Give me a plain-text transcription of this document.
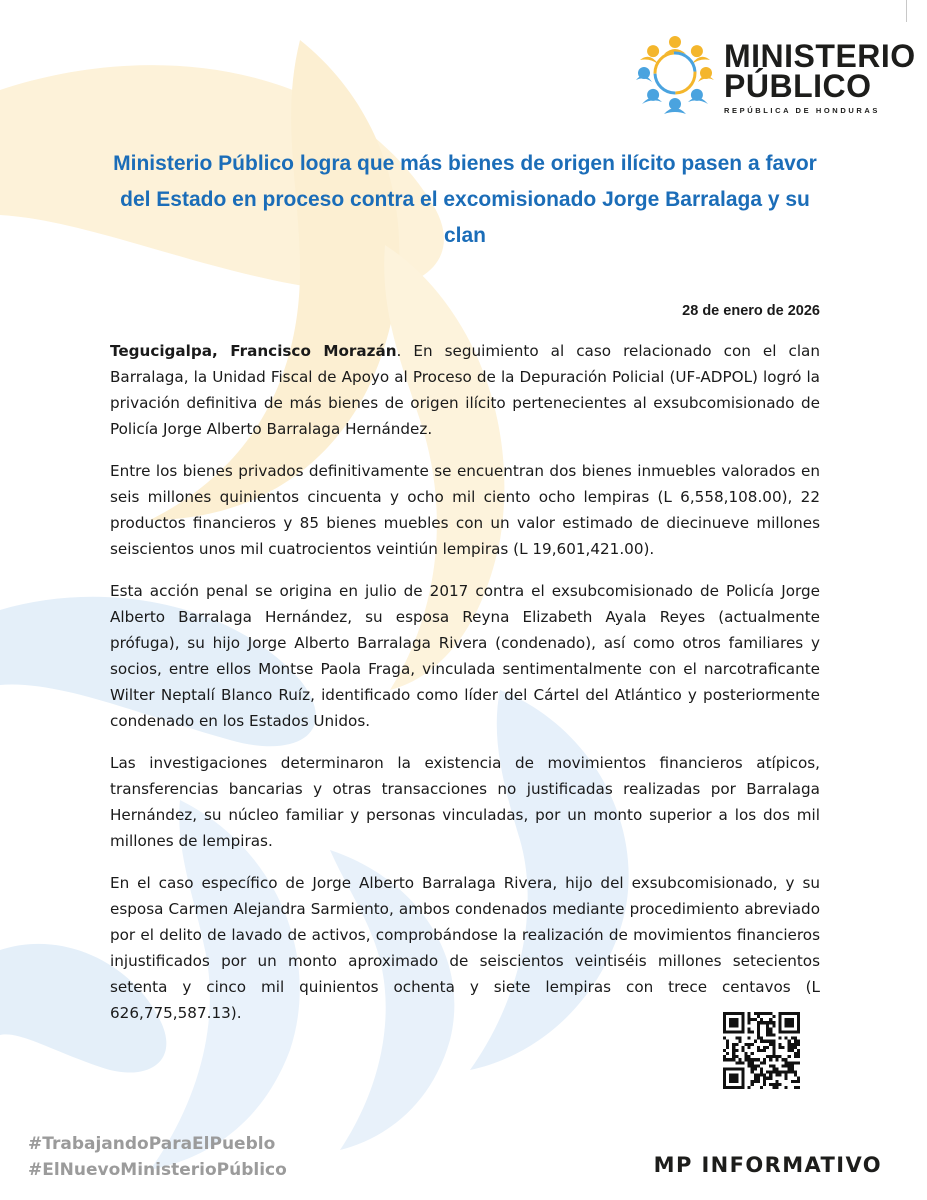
MINISTERIO
PÚBLICO
REPÚBLICA DE HONDURAS
Ministerio Público logra que más bienes de origen ilícito pasen a favor del Estado en proceso contra el excomisionado Jorge Barralaga y su clan
28 de enero de 2026

Tegucigalpa, Francisco Morazán. En seguimiento al caso relacionado con el clan Barralaga, la Unidad Fiscal de Apoyo al Proceso de la Depuración Policial (UF-ADPOL) logró la privación definitiva de más bienes de origen ilícito pertenecientes al exsubcomisionado de Policía Jorge Alberto Barralaga Hernández.

Entre los bienes privados definitivamente se encuentran dos bienes inmuebles valorados en seis millones quinientos cincuenta y ocho mil ciento ocho lempiras (L 6,558,108.00), 22 productos financieros y 85 bienes muebles con un valor estimado de diecinueve millones seiscientos unos mil cuatrocientos veintiún lempiras (L 19,601,421.00).

Esta acción penal se origina en julio de 2017 contra el exsubcomisionado de Policía Jorge Alberto Barralaga Hernández, su esposa Reyna Elizabeth Ayala Reyes (actualmente prófuga), su hijo Jorge Alberto Barralaga Rivera (condenado), así como otros familiares y socios, entre ellos Montse Paola Fraga, vinculada sentimentalmente con el narcotraficante Wilter Neptalí Blanco Ruíz, identificado como líder del Cártel del Atlántico y posteriormente condenado en los Estados Unidos.

Las investigaciones determinaron la existencia de movimientos financieros atípicos, transferencias bancarias y otras transacciones no justificadas realizadas por Barralaga Hernández, su núcleo familiar y personas vinculadas, por un monto superior a los dos mil millones de lempiras.

En el caso específico de Jorge Alberto Barralaga Rivera, hijo del exsubcomisionado, y su esposa Carmen Alejandra Sarmiento, ambos condenados mediante procedimiento abreviado por el delito de lavado de activos, comprobándose la realización de movimientos financieros injustificados por un monto aproximado de seiscientos veintiséis millones setecientos setenta y cinco mil quinientos ochenta y siete lempiras con trece centavos (L 626,775,587.13).

#TrabajandoParaElPueblo
#ElNuevoMinisterioPúblico	MP INFORMATIVO
